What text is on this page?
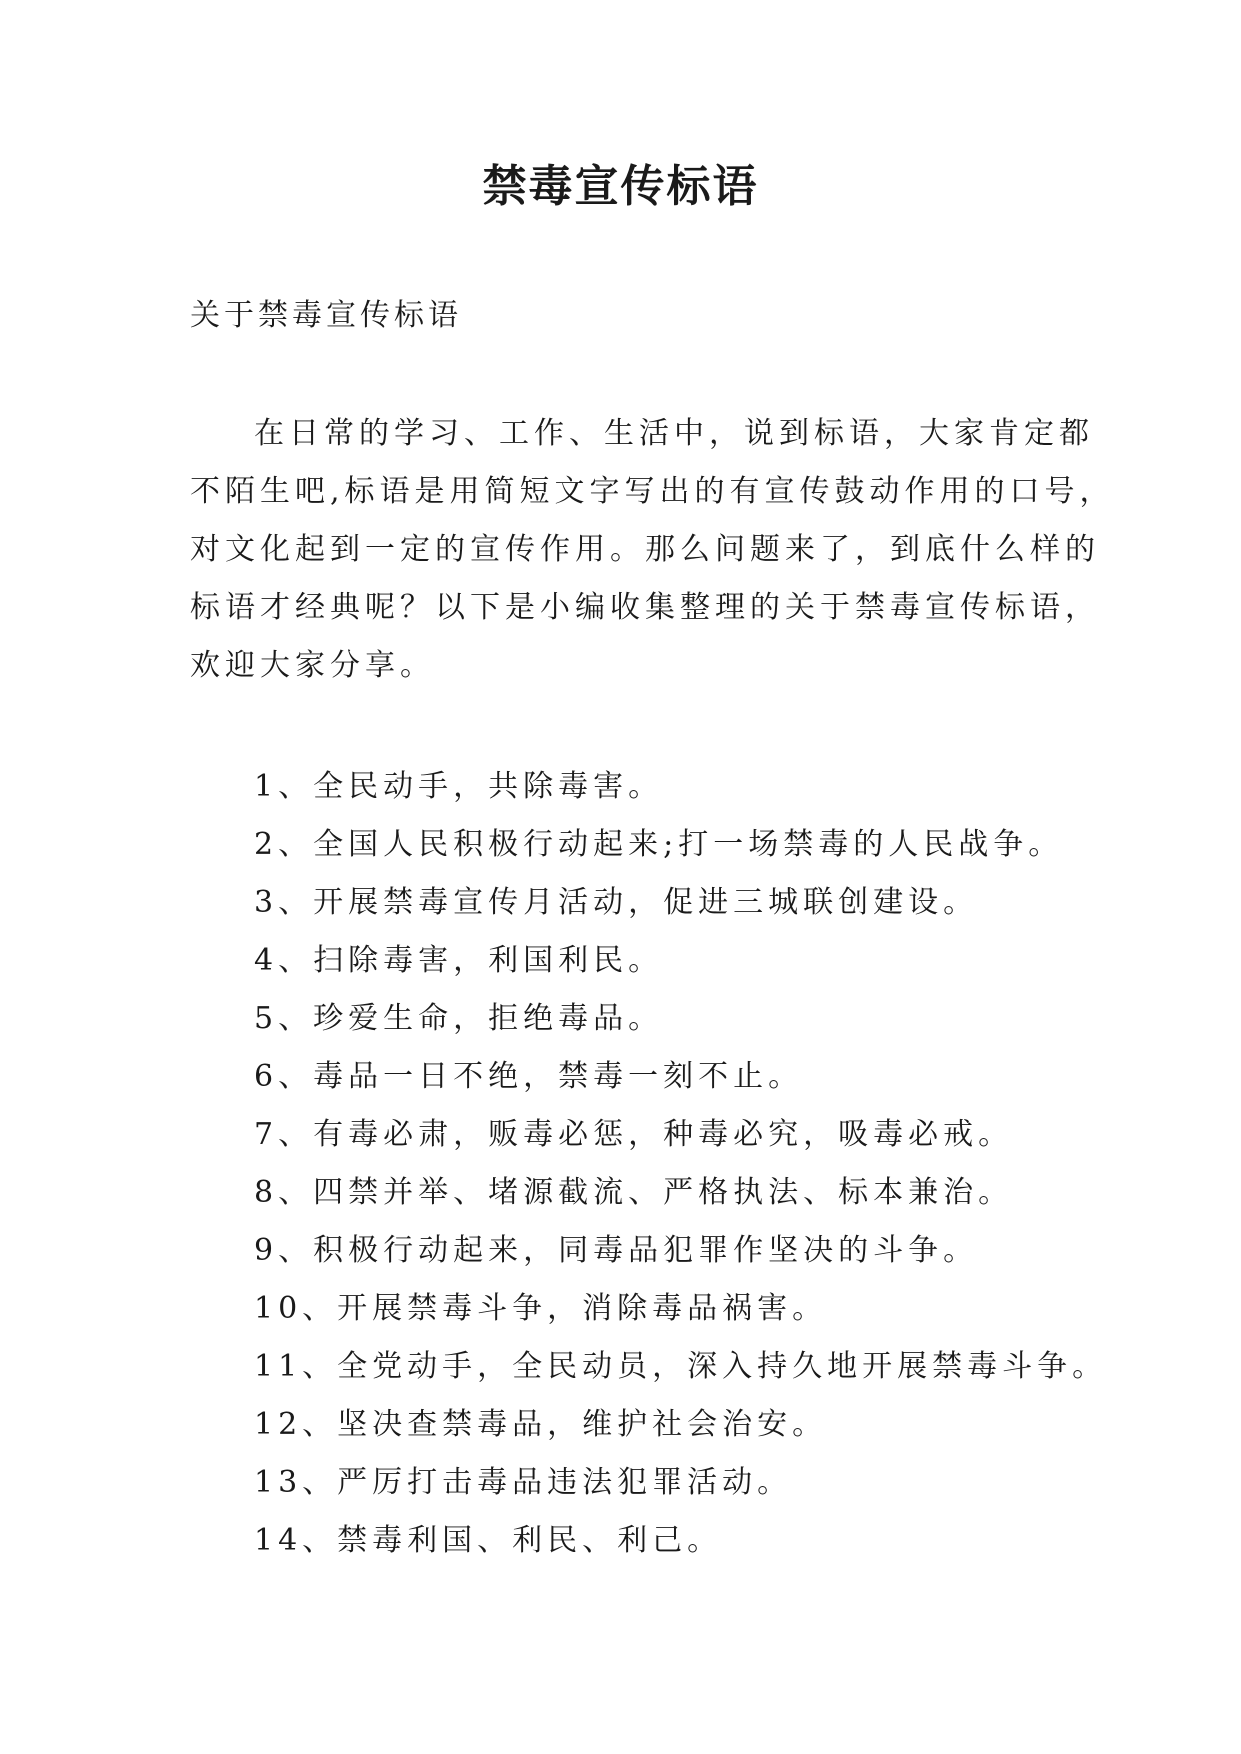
禁毒宣传标语

关于禁毒宣传标语

在日常的学习、工作、生活中，说到标语，大家肯定都
不陌生吧,标语是用简短文字写出的有宣传鼓动作用的口号，
对文化起到一定的宣传作用。那么问题来了，到底什么样的
标语才经典呢？以下是小编收集整理的关于禁毒宣传标语，
欢迎大家分享。

1、全民动手，共除毒害。
2、全国人民积极行动起来;打一场禁毒的人民战争。
3、开展禁毒宣传月活动，促进三城联创建设。
4、扫除毒害，利国利民。
5、珍爱生命，拒绝毒品。
6、毒品一日不绝，禁毒一刻不止。
7、有毒必肃，贩毒必惩，种毒必究，吸毒必戒。
8、四禁并举、堵源截流、严格执法、标本兼治。
9、积极行动起来，同毒品犯罪作坚决的斗争。
10、开展禁毒斗争，消除毒品祸害。
11、全党动手，全民动员，深入持久地开展禁毒斗争。
12、坚决查禁毒品，维护社会治安。
13、严厉打击毒品违法犯罪活动。
14、禁毒利国、利民、利己。
